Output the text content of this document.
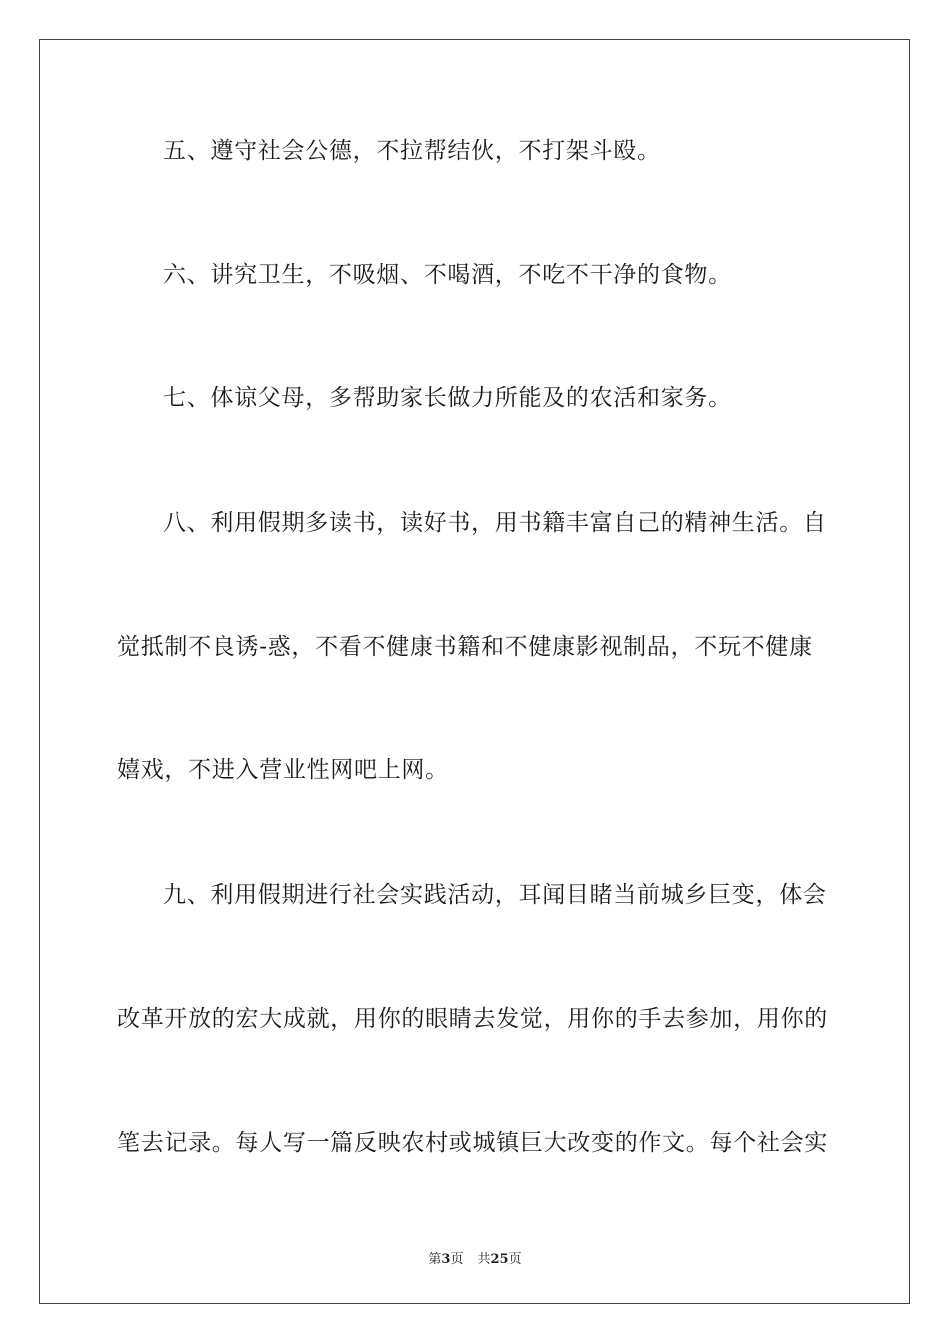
五、遵守社会公德，不拉帮结伙，不打架斗殴。
六、讲究卫生，不吸烟、不喝酒，不吃不干净的食物。
七、体谅父母，多帮助家长做力所能及的农活和家务。
八、利用假期多读书，读好书，用书籍丰富自己的精神生活。自
觉抵制不良诱-惑，不看不健康书籍和不健康影视制品，不玩不健康
嬉戏，不进入营业性网吧上网。
九、利用假期进行社会实践活动，耳闻目睹当前城乡巨变，体会
改革开放的宏大成就，用你的眼睛去发觉，用你的手去参加，用你的
笔去记录。每人写一篇反映农村或城镇巨大改变的作文。每个社会实
第3页 共25页
